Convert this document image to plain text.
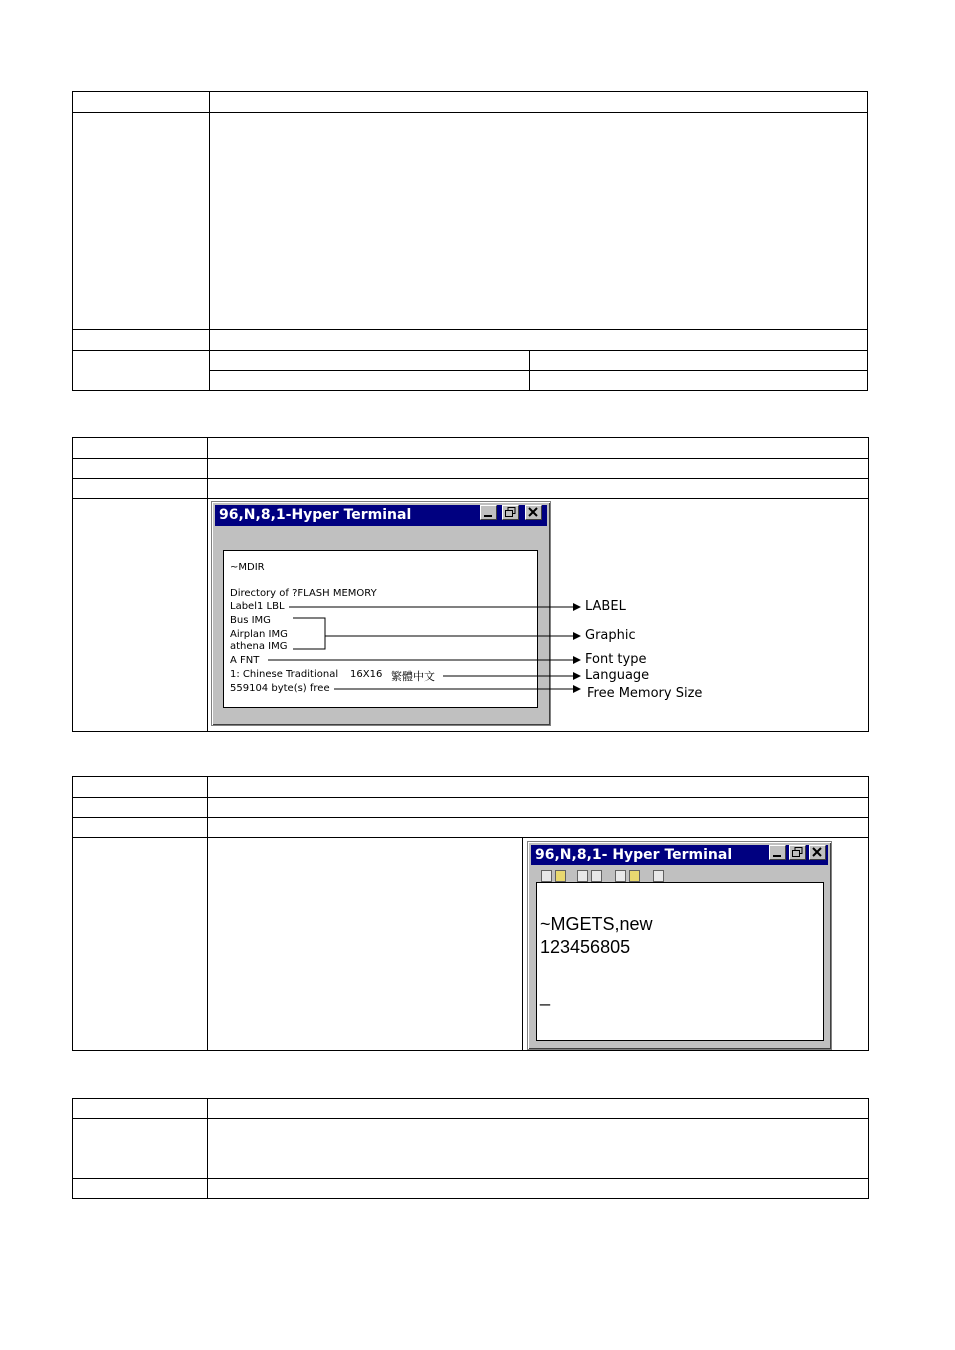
96,N,8,1-Hyper Terminal
~MDIR
Directory of ?FLASH MEMORY
Label1 LBL
Bus IMG
Airplan IMG
athena IMG
A FNT
1: Chinese Traditional 16X16 繁體中文
559104 byte(s) free
LABEL
Graphic
Font type
Language
Free Memory Size
96,N,8,1- Hyper Terminal
~MGETS,new
123456805
_
